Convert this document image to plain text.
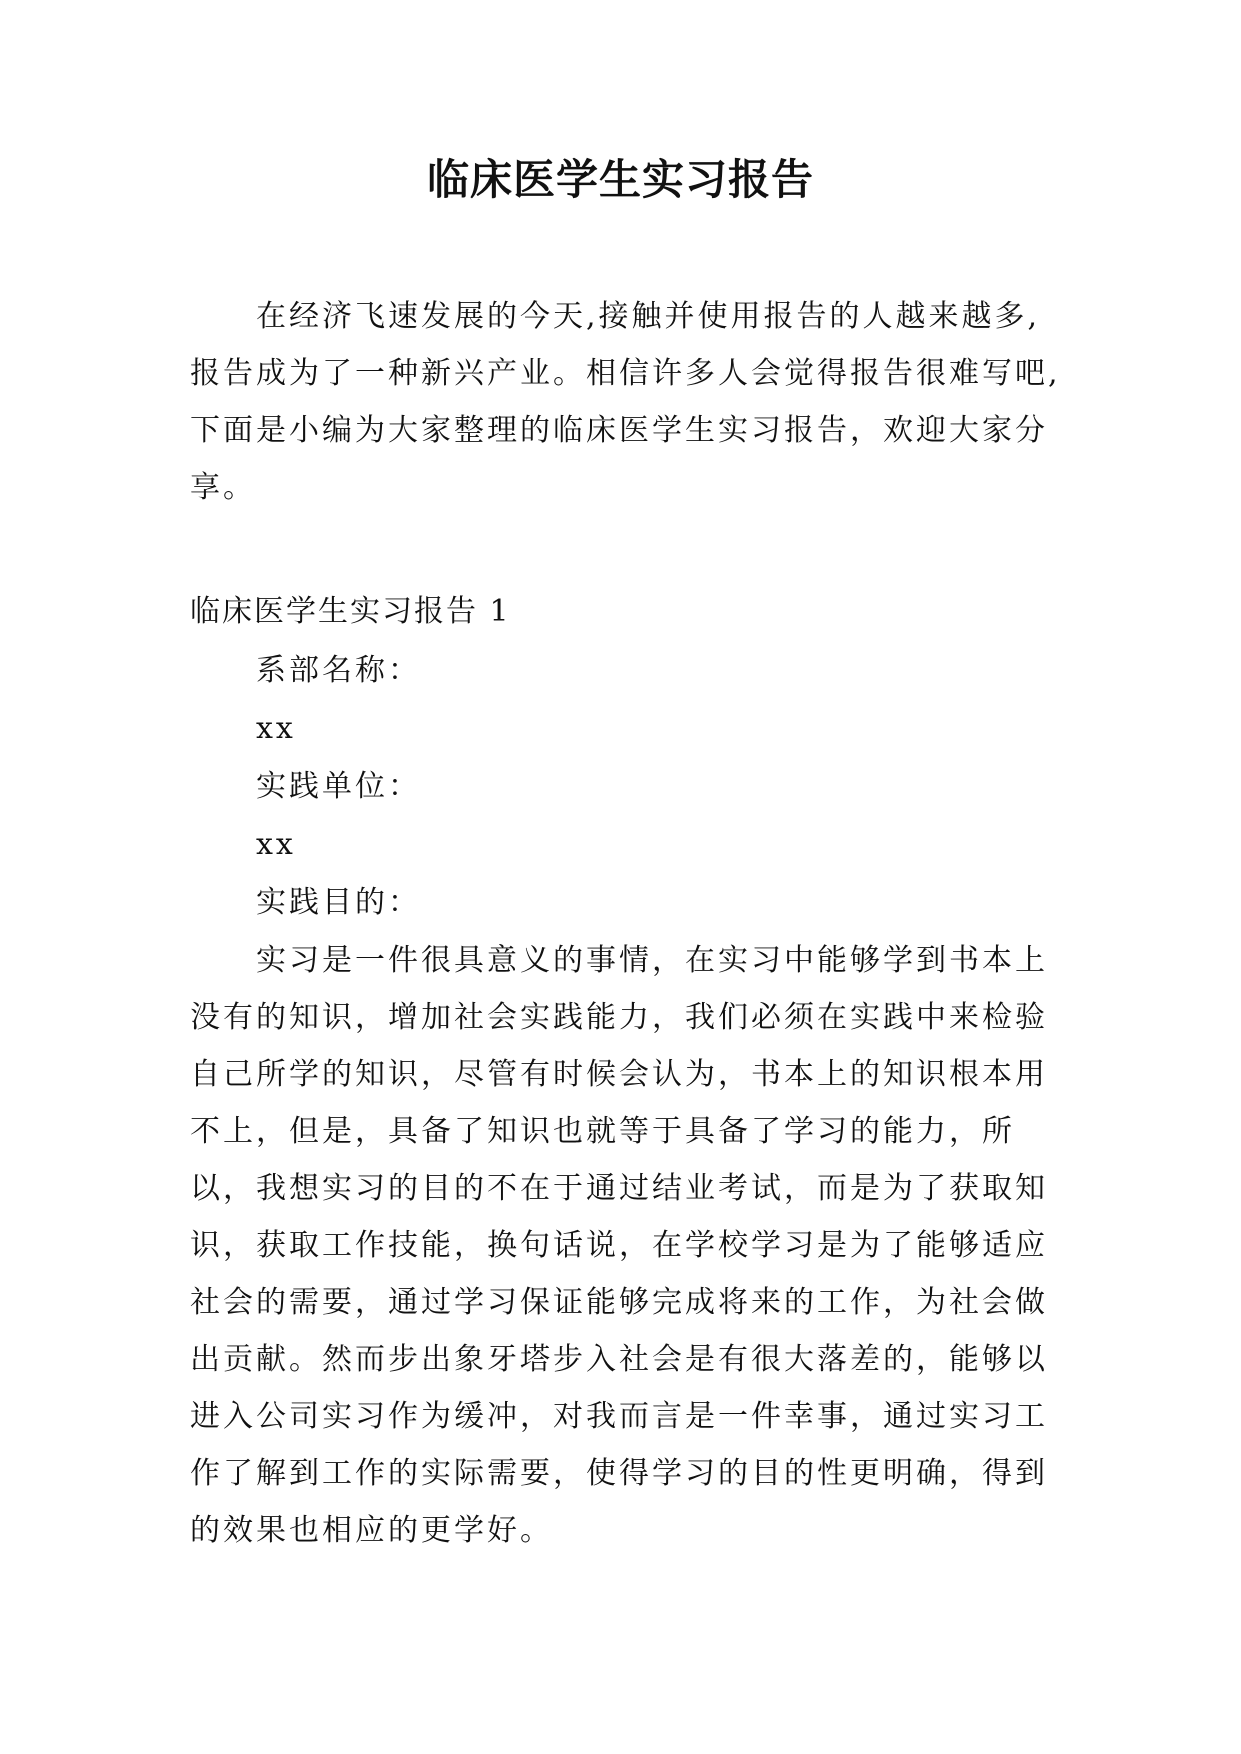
临床医学生实习报告

在经济飞速发展的今天,接触并使用报告的人越来越多,报告成为了一种新兴产业。相信许多人会觉得报告很难写吧,下面是小编为大家整理的临床医学生实习报告，欢迎大家分享。

临床医学生实习报告 1

系部名称：

xx

实践单位：

xx

实践目的：

实习是一件很具意义的事情，在实习中能够学到书本上没有的知识，增加社会实践能力，我们必须在实践中来检验自己所学的知识，尽管有时候会认为，书本上的知识根本用不上，但是，具备了知识也就等于具备了学习的能力，所以，我想实习的目的不在于通过结业考试，而是为了获取知识，获取工作技能，换句话说，在学校学习是为了能够适应社会的需要，通过学习保证能够完成将来的工作，为社会做出贡献。然而步出象牙塔步入社会是有很大落差的，能够以进入公司实习作为缓冲，对我而言是一件幸事，通过实习工作了解到工作的实际需要，使得学习的目的性更明确，得到的效果也相应的更学好。
